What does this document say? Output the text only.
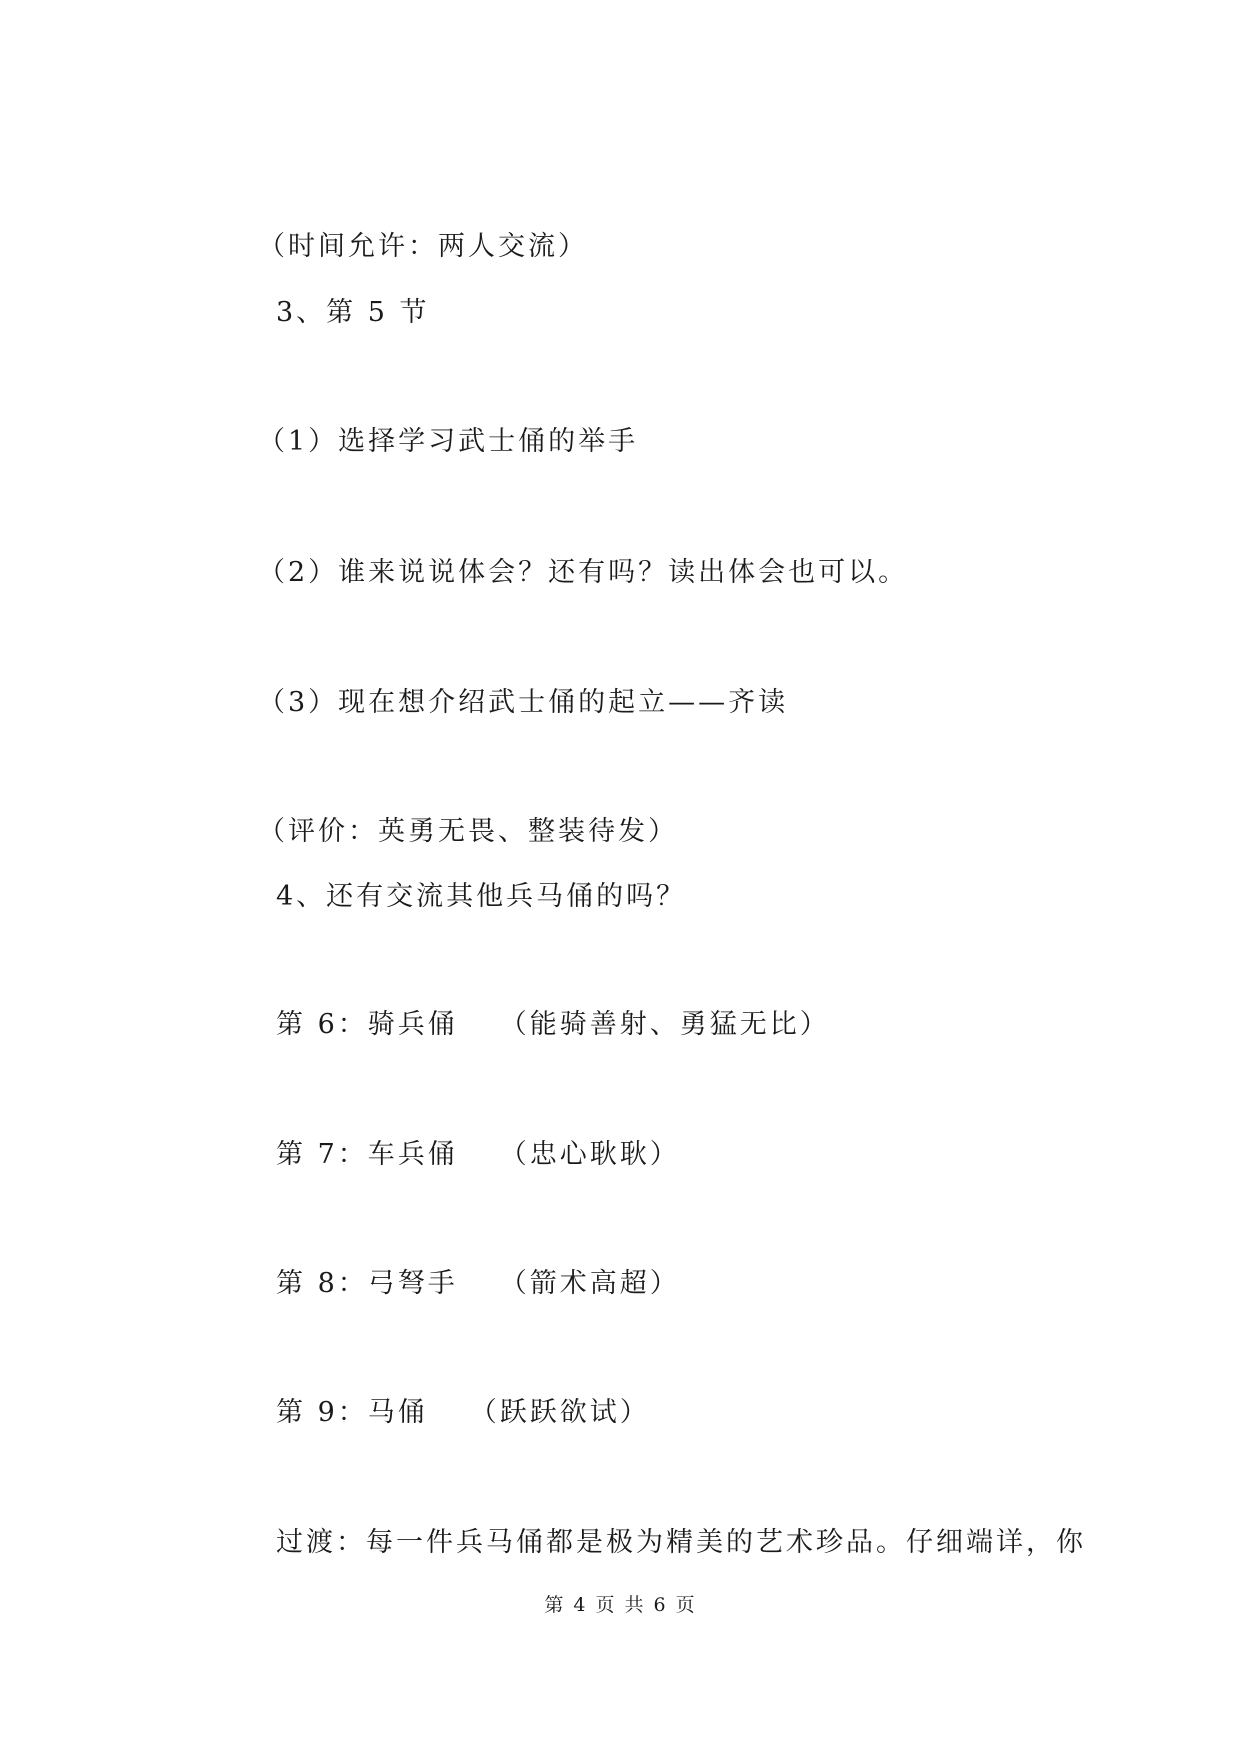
（时间允许：两人交流）
3、第 5 节
（1）选择学习武士俑的举手
（2）谁来说说体会？还有吗？读出体会也可以。
（3）现在想介绍武士俑的起立——齐读
（评价：英勇无畏、整装待发）
4、还有交流其他兵马俑的吗？
第 6：骑兵俑 （能骑善射、勇猛无比）
第 7：车兵俑 （忠心耿耿）
第 8：弓弩手 （箭术高超）
第 9：马俑 （跃跃欲试）
过渡：每一件兵马俑都是极为精美的艺术珍品。仔细端详，你
第 4 页 共 6 页
